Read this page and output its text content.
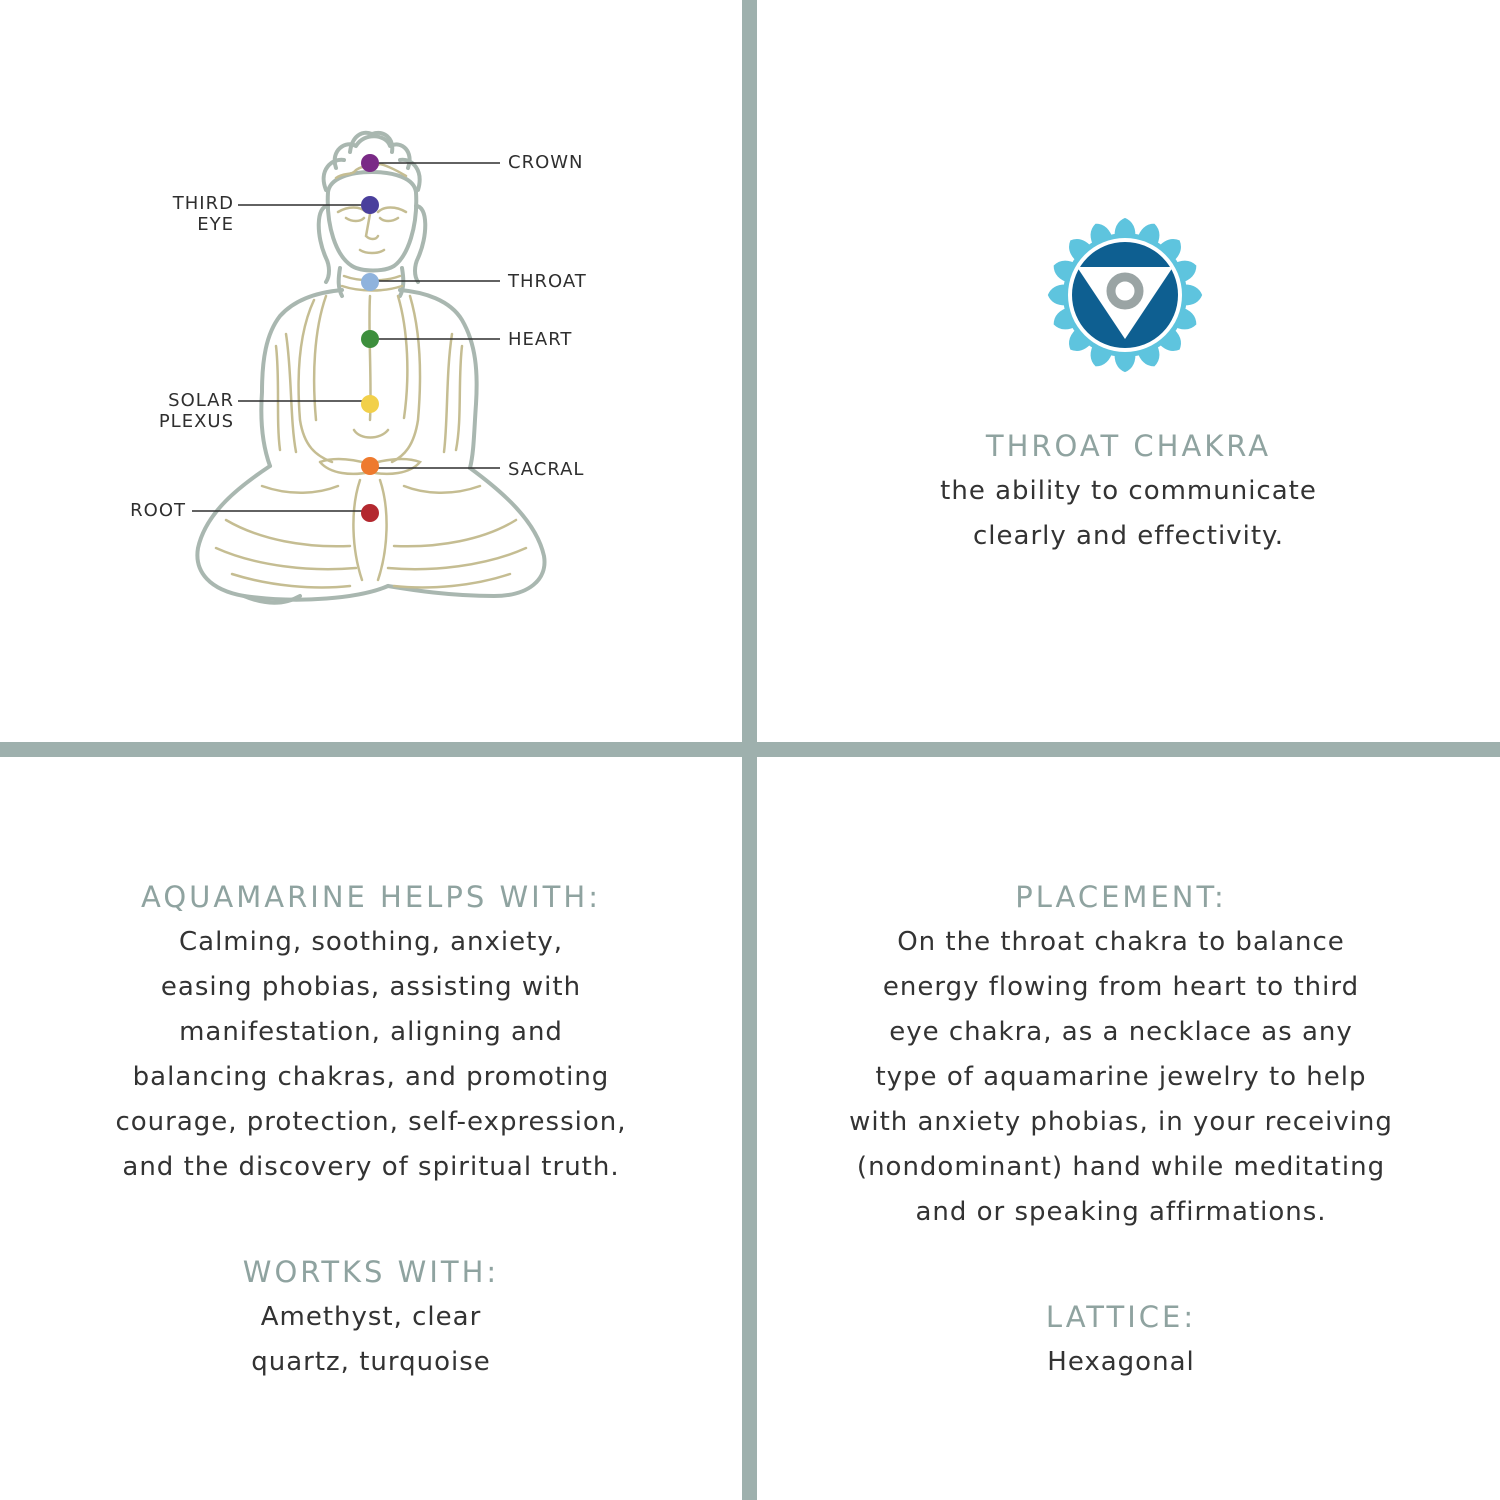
CROWN
THIRD
EYE
THROAT
HEART
SOLAR
PLEXUS
SACRAL
ROOT
THROAT CHAKRA
the ability to communicate
clearly and effectivity.
AQUAMARINE HELPS WITH:
Calming, soothing, anxiety,
easing phobias, assisting with
manifestation, aligning and
balancing chakras, and promoting
courage, protection, self-expression,
and the discovery of spiritual truth.
WORTKS WITH:
Amethyst, clear
quartz, turquoise
PLACEMENT:
On the throat chakra to balance
energy flowing from heart to third
eye chakra, as a necklace as any
type of aquamarine jewelry to help
with anxiety phobias, in your receiving
(nondominant) hand while meditating
and or speaking affirmations.
LATTICE:
Hexagonal
